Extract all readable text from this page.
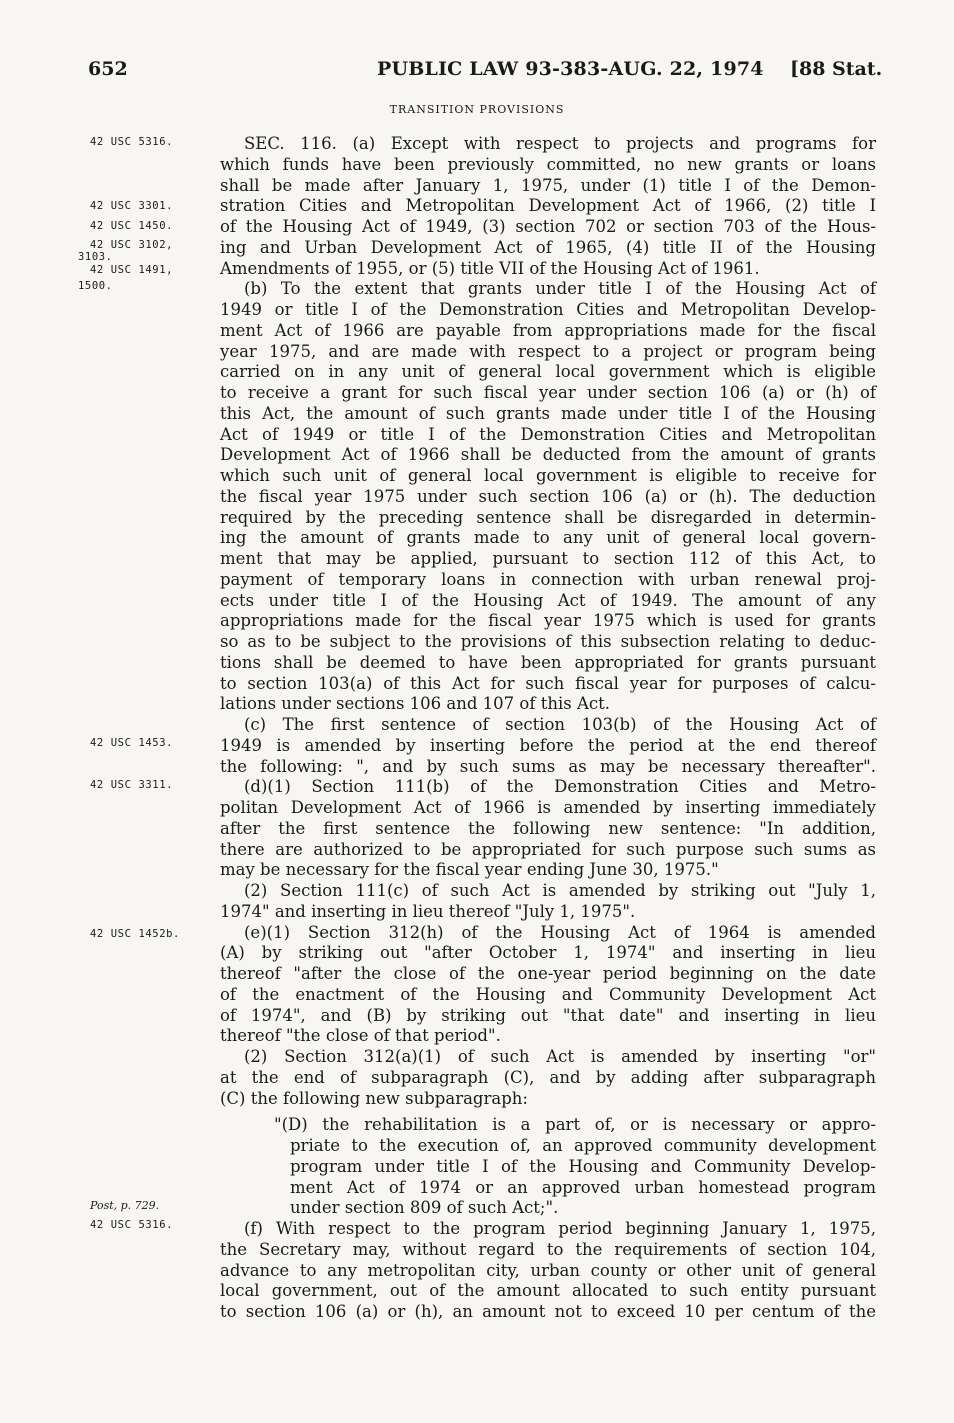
652	PUBLIC LAW 93-383-AUG. 22, 1974 [88 Stat.
TRANSITION PROVISIONS
42 USC 5316.
42 USC 3301.
42 USC 1450.
42 USC 3102,
3103.
42 USC 1491,
1500.
42 USC 1453.
42 USC 3311.
42 USC 1452b.
Post, p. 729.
42 USC 5316.
SEC. 116. (a) Except with respect to projects and programs for
which funds have been previously committed, no new grants or loans
shall be made after January 1, 1975, under (1) title I of the Demon-
stration Cities and Metropolitan Development Act of 1966, (2) title I
of the Housing Act of 1949, (3) section 702 or section 703 of the Hous-
ing and Urban Development Act of 1965, (4) title II of the Housing
Amendments of 1955, or (5) title VII of the Housing Act of 1961.
(b) To the extent that grants under title I of the Housing Act of
1949 or title I of the Demonstration Cities and Metropolitan Develop-
ment Act of 1966 are payable from appropriations made for the fiscal
year 1975, and are made with respect to a project or program being
carried on in any unit of general local government which is eligible
to receive a grant for such fiscal year under section 106 (a) or (h) of
this Act, the amount of such grants made under title I of the Housing
Act of 1949 or title I of the Demonstration Cities and Metropolitan
Development Act of 1966 shall be deducted from the amount of grants
which such unit of general local government is eligible to receive for
the fiscal year 1975 under such section 106 (a) or (h). The deduction
required by the preceding sentence shall be disregarded in determin-
ing the amount of grants made to any unit of general local govern-
ment that may be applied, pursuant to section 112 of this Act, to
payment of temporary loans in connection with urban renewal proj-
ects under title I of the Housing Act of 1949. The amount of any
appropriations made for the fiscal year 1975 which is used for grants
so as to be subject to the provisions of this subsection relating to deduc-
tions shall be deemed to have been appropriated for grants pursuant
to section 103(a) of this Act for such fiscal year for purposes of calcu-
lations under sections 106 and 107 of this Act.
(c) The first sentence of section 103(b) of the Housing Act of
1949 is amended by inserting before the period at the end thereof
the following: ", and by such sums as may be necessary thereafter".
(d)(1) Section 111(b) of the Demonstration Cities and Metro-
politan Development Act of 1966 is amended by inserting immediately
after the first sentence the following new sentence: "In addition,
there are authorized to be appropriated for such purpose such sums as
may be necessary for the fiscal year ending June 30, 1975."
(2) Section 111(c) of such Act is amended by striking out "July 1,
1974" and inserting in lieu thereof "July 1, 1975".
(e)(1) Section 312(h) of the Housing Act of 1964 is amended
(A) by striking out "after October 1, 1974" and inserting in lieu
thereof "after the close of the one-year period beginning on the date
of the enactment of the Housing and Community Development Act
of 1974", and (B) by striking out "that date" and inserting in lieu
thereof "the close of that period".
(2) Section 312(a)(1) of such Act is amended by inserting "or"
at the end of subparagraph (C), and by adding after subparagraph
(C) the following new subparagraph:
"(D) the rehabilitation is a part of, or is necessary or appro-
priate to the execution of, an approved community development
program under title I of the Housing and Community Develop-
ment Act of 1974 or an approved urban homestead program
under section 809 of such Act;".
(f) With respect to the program period beginning January 1, 1975,
the Secretary may, without regard to the requirements of section 104,
advance to any metropolitan city, urban county or other unit of general
local government, out of the amount allocated to such entity pursuant
to section 106 (a) or (h), an amount not to exceed 10 per centum of the
